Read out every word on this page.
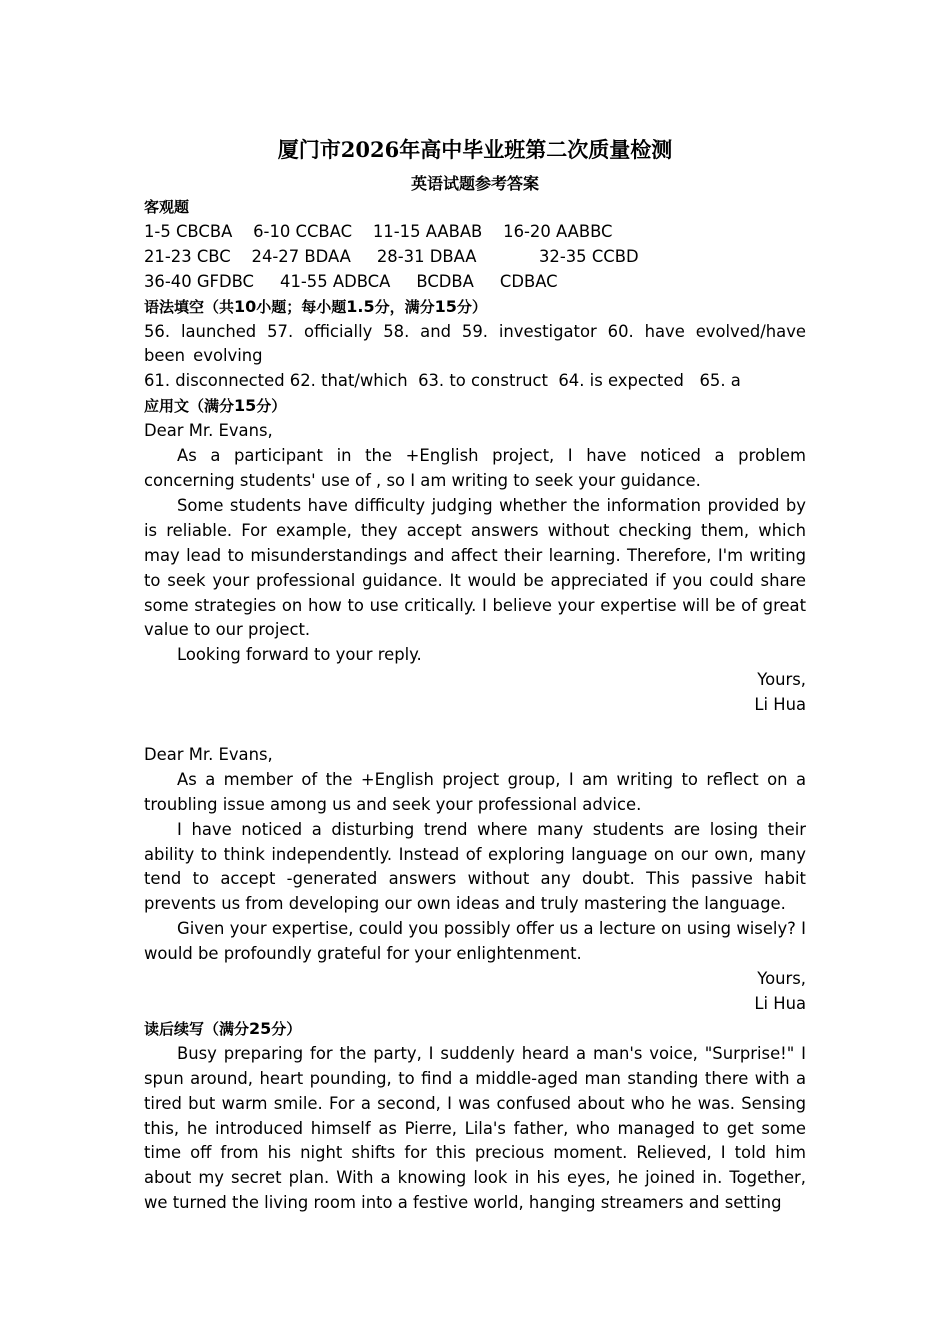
厦门市2026年高中毕业班第二次质量检测
英语试题参考答案
客观题
1-5 CBCBA    6-10 CCBAC    11-15 AABAB    16-20 AABBC
21-23 CBC    24-27 BDAA     28-31 DBAA            32-35 CCBD
36-40 GFDBC     41-55 ADBCA     BCDBA     CDBAC
语法填空（共10小题；每小题1.5分，满分15分）
56. launched 57. officially 58. and 59. investigator 60. have evolved/have been evolving
61. disconnected 62. that/which  63. to construct  64. is expected   65. a
应用文（满分15分）
Dear Mr. Evans,
As a participant in the +English project, I have noticed a problem concerning students' use of , so I am writing to seek your guidance.
Some students have difficulty judging whether the information provided by is reliable. For example, they accept answers without checking them, which may lead to misunderstandings and affect their learning. Therefore, I'm writing to seek your professional guidance. It would be appreciated if you could share some strategies on how to use critically. I believe your expertise will be of great value to our project.
Looking forward to your reply.
Yours,
Li Hua
Dear Mr. Evans,
As a member of the +English project group, I am writing to reflect on a troubling issue among us and seek your professional advice.
I have noticed a disturbing trend where many students are losing their ability to think independently. Instead of exploring language on our own, many tend to accept -generated answers without any doubt. This passive habit prevents us from developing our own ideas and truly mastering the language.
Given your expertise, could you possibly offer us a lecture on using wisely? I would be profoundly grateful for your enlightenment.
Yours,
Li Hua
读后续写（满分25分）
Busy preparing for the party, I suddenly heard a man's voice, "Surprise!" I spun around, heart pounding, to find a middle-aged man standing there with a tired but warm smile. For a second, I was confused about who he was. Sensing this, he introduced himself as Pierre, Lila's father, who managed to get some time off from his night shifts for this precious moment. Relieved, I told him about my secret plan. With a knowing look in his eyes, he joined in. Together, we turned the living room into a festive world, hanging streamers and setting
